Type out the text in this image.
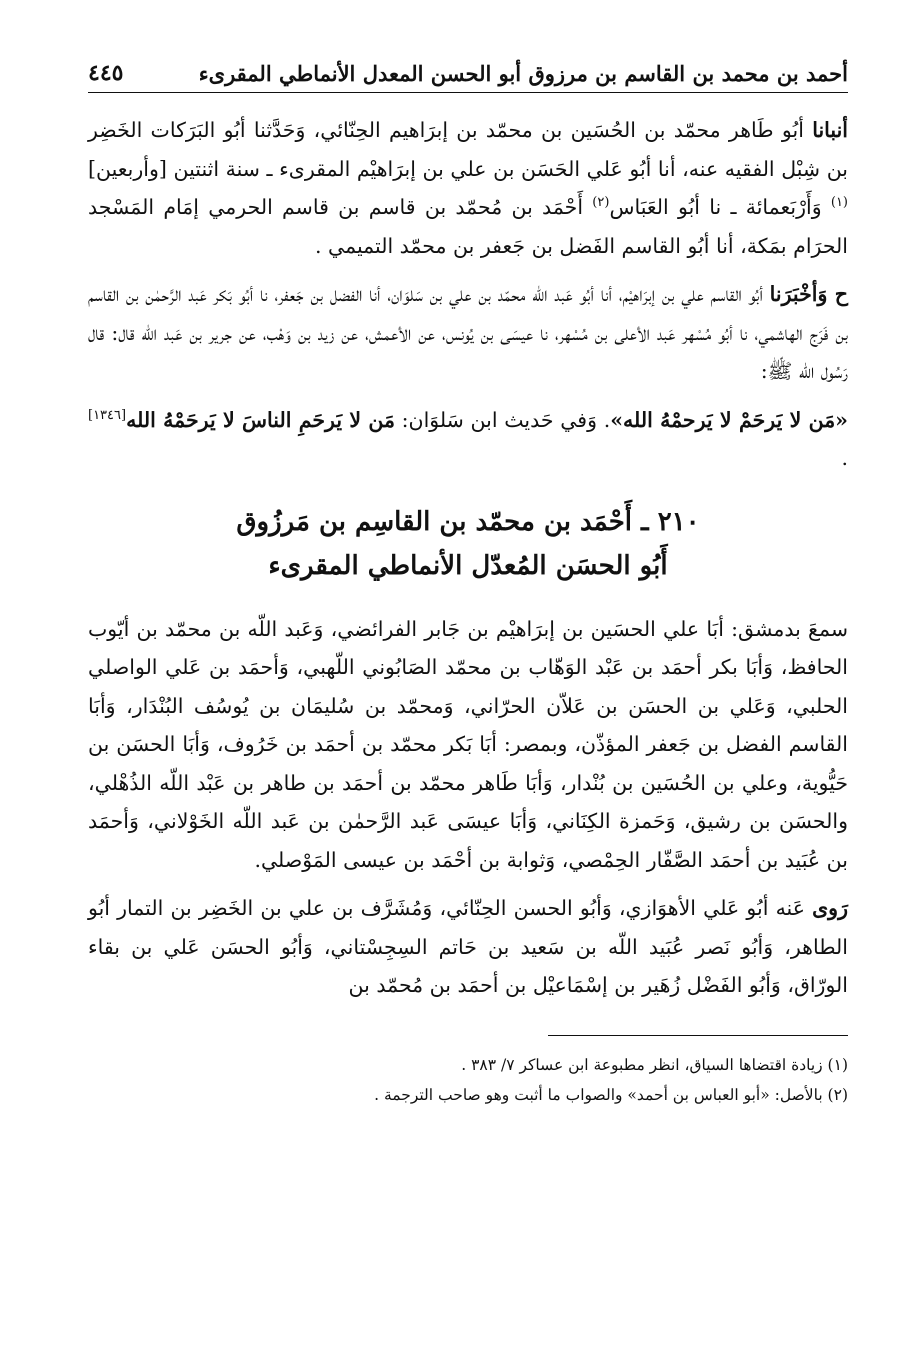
أحمد بن محمد بن القاسم بن مرزوق أبو الحسن المعدل الأنماطي المقرىء
٤٤٥

أنبانا أبُو طَاهر محمّد بن الحُسَين بن محمّد بن إبرَاهيم الحِنّائي، وَحَدَّثنا أبُو البَرَكات الخَضِر بن شِبْل الفقيه عنه، أنا أبُو عَلي الحَسَن بن علي بن إبرَاهيْم المقرىء ـ سنة اثنتين [وأربعين]$^{(١)}$ وَأَرْبَعمائة ـ نا أبُو العَبَاس$^{(٢)}$ أَحْمَد بن مُحمّد بن قاسم بن قاسم الحرمي إمَام المَسْجد الحرَام بمَكة، أنا أبُو القاسم الفَضل بن جَعفر بن محمّد التميمي .

ح وَأخْبَرَنا أبُو القاسم علي بن إبرَاهيْم، أنا أبُو عَبد اللّه محمّد بن علي بن سَلوَان، أنا الفضل بن جَعفر، نا أبُو بَكر عَبد الرَّحمٰن بن القاسم بن فَرَج الهاشمي، نا أبُو مُسْهر عَبد الأعلى بن مُسْهر، نا عيسَى بن يُونس، عن الأعمش، عن زيد بن وَهْب، عن جرير بن عَبد اللّه قال: قال رَسُول اللّه ﷺ:

«مَن لا يَرحَمْ لا يَرحمْهُ الله». وَفي حَديث ابن سَلوَان: مَن لا يَرحَمِ الناسَ لا يَرحَمْهُ الله[١٣٤٦] .

٢١٠ ـ أَحْمَد بن محمّد بن القاسِم بن مَرزُوق
أَبُو الحسَن المُعدّل الأنماطي المقرىء

سمعَ بدمشق: أبَا علي الحسَين بن إبرَاهيْم بن جَابر الفرائضي، وَعَبد اللّه بن محمّد بن أيّوب الحافظ، وَأبَا بكر أحمَد بن عَبْد الوَهّاب بن محمّد الصَابُوني اللّهبي، وَأحمَد بن عَلي الواصلي الحلبي، وَعَلي بن الحسَن بن عَلاّن الحرّاني، وَمحمّد بن سُليمَان بن يُوسُف البُنْدَار، وَأبَا القاسم الفضل بن جَعفر المؤذّن، وبمصر: أبَا بَكر محمّد بن أحمَد بن خَرُوف، وَأبَا الحسَن بن حَيُّوية، وعلي بن الحُسَين بن بُنْدار، وَأبَا طَاهر محمّد بن أحمَد بن طاهر بن عَبْد اللّه الذُهْلي، والحسَن بن رشيق، وَحَمزة الكِنَاني، وَأبَا عيسَى عَبد الرَّحمٰن بن عَبد اللّه الخَوْلاني، وَأحمَد بن عُبَيد بن أحمَد الصَّفّار الحِمْصي، وَثوابة بن أحْمَد بن عيسى المَوْصلي.

رَوى عَنه أبُو عَلي الأهوَازي، وَأبُو الحسن الحِنّائي، وَمُشَرَّف بن علي بن الخَضِر بن التمار أبُو الطاهر، وَأبُو نَصر عُبَيد اللّه بن سَعيد بن حَاتم السِجِسْتاني، وَأبُو الحسَن عَلي بن بقاء الورّاق، وَأبُو الفَضْل زُهَير بن إسْمَاعيْل بن أحمَد بن مُحمّد بن

(١) زيادة اقتضاها السياق، انظر مطبوعة ابن عساكر ٧/ ٣٨٣ .
(٢) بالأصل: «أبو العباس بن أحمد» والصواب ما أثبت وهو صاحب الترجمة .
